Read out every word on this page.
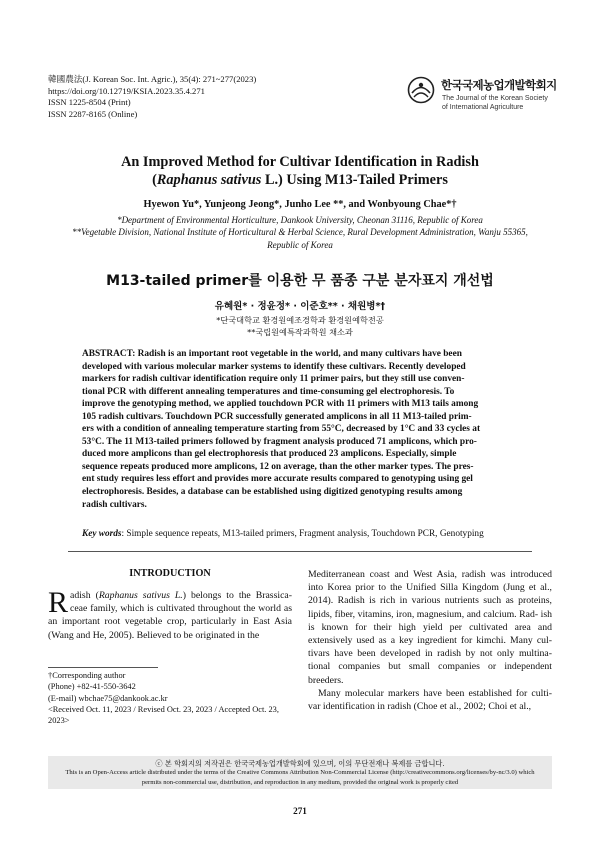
韓國農法(J. Korean Soc. Int. Agric.), 35(4): 271~277(2023)
https://doi.org/10.12719/KSIA.2023.35.4.271
ISSN 1225-8504 (Print)
ISSN 2287-8165 (Online)
한국국제농업개발학회지
The Journal of the Korean Society
of International Agriculture
An Improved Method for Cultivar Identification in Radish
(Raphanus sativus L.) Using M13-Tailed Primers
Hyewon Yu*, Yunjeong Jeong*, Junho Lee **, and Wonbyoung Chae*†
*Department of Environmental Horticulture, Dankook University, Cheonan 31116, Republic of Korea
**Vegetable Division, National Institute of Horticultural & Herbal Science, Rural Development Administration, Wanju 55365,
Republic of Korea
M13-tailed primer를 이용한 무 품종 구분 분자표지 개선법
유혜원* · 정윤정* · 이준호** · 채원병*†
*단국대학교 환경원예조경학과 환경원예학전공
**국립원예특작과학원 채소과
ABSTRACT: Radish is an important root vegetable in the world, and many cultivars have been
developed with various molecular marker systems to identify these cultivars. Recently developed
markers for radish cultivar identification require only 11 primer pairs, but they still use conven-
tional PCR with different annealing temperatures and time-consuming gel electrophoresis. To
improve the genotyping method, we applied touchdown PCR with 11 primers with M13 tails among
105 radish cultivars. Touchdown PCR successfully generated amplicons in all 11 M13-tailed prim-
ers with a condition of annealing temperature starting from 55°C, decreased by 1°C and 33 cycles at
53°C. The 11 M13-tailed primers followed by fragment analysis produced 71 amplicons, which pro-
duced more amplicons than gel electrophoresis that produced 23 amplicons. Especially, simple
sequence repeats produced more amplicons, 12 on average, than the other marker types. The pres-
ent study requires less effort and provides more accurate results compared to genotyping using gel
electrophoresis. Besides, a database can be established using digitized genotyping results among
radish cultivars.
Key words: Simple sequence repeats, M13-tailed primers, Fragment analysis, Touchdown PCR, Genotyping
INTRODUCTION

Radish (Raphanus sativus L.) belongs to the Brassica- ceae family, which is cultivated throughout the world as an important root vegetable crop, particularly in East Asia (Wang and He, 2005). Believed to be originated in the

†Corresponding author
(Phone) +82-41-550-3642
(E-mail) wbchae75@dankook.ac.kr
<Received Oct. 11, 2023 / Revised Oct. 23, 2023 / Accepted Oct. 23, 2023>

Mediterranean coast and West Asia, radish was introduced into Korea prior to the Unified Silla Kingdom (Jung et al., 2014). Radish is rich in various nutrients such as proteins, lipids, fiber, vitamins, iron, magnesium, and calcium. Rad- ish is known for their high yield per cultivated area and extensively used as a key ingredient for kimchi. Many cul- tivars have been developed in radish by not only multina- tional companies but small companies or independent breeders.

Many molecular markers have been established for culti- var identification in radish (Choe et al., 2002; Choi et al.,

ⓒ 본 학회지의 저작권은 한국국제농업개발학회에 있으며, 이의 무단전재나 복제를 금합니다.
This is an Open-Access article distributed under the terms of the Creative Commons Attribution Non-Commercial License (http://creativecommons.org/licenses/by-nc/3.0) which
permits non-commercial use, distribution, and reproduction in any medium, provided the original work is properly cited
271
